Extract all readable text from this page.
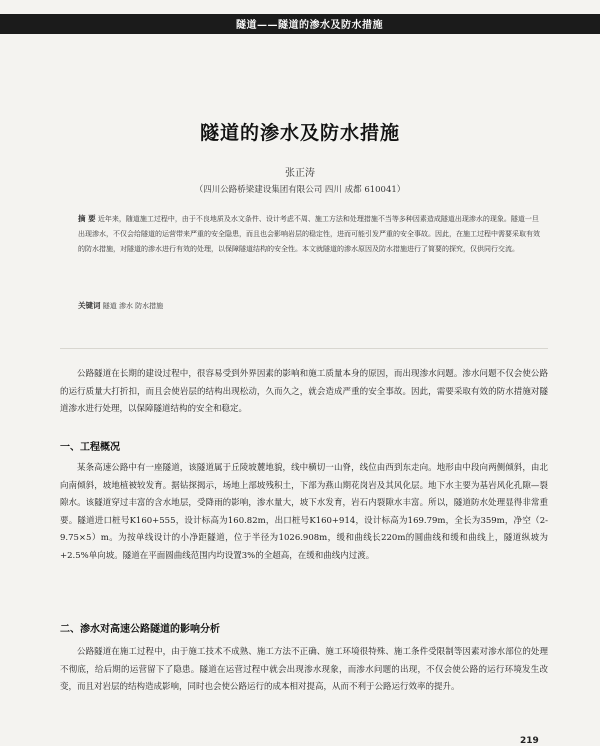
隧道——隧道的渗水及防水措施
隧道的渗水及防水措施
张正涛
（四川公路桥梁建设集团有限公司 四川 成都 610041）

摘 要 近年来，随道施工过程中，由于不良地质及水文条件、设计考虑不周、施工方法和处理措施不当等多种因素造成隧道出现渗水的现象。隧道一旦出现渗水，不仅会给隧道的运营带来严重的安全隐患，而且也会影响岩层的稳定性，进而可能引发严重的安全事故。因此，在施工过程中需要采取有效的防水措施，对隧道的渗水进行有效的处理，以保障隧道结构的安全性。本文就隧道的渗水原因及防水措施进行了简要的探究，仅供同行交流。

关键词 隧道 渗水 防水措施

公路隧道在长期的建设过程中，很容易受到外界因素的影响和施工质量本身的原因，而出现渗水问题。渗水问题不仅会使公路的运行质量大打折扣，而且会使岩层的结构出现松动，久而久之，就会造成严重的安全事故。因此，需要采取有效的防水措施对隧道渗水进行处理，以保障隧道结构的安全和稳定。

一、工程概况

某条高速公路中有一座隧道，该隧道属于丘陵坡麓地貌，线中横切一山脊，线位由西到东走向。地形由中段向两侧倾斜，由北向南倾斜，坡地植被较发育。据钻探揭示，场地上部坡残积土，下部为燕山期花岗岩及其风化层。地下水主要为基岩风化孔隙—裂隙水。该隧道穿过丰富的含水地层，受降雨的影响，渗水量大，坡下水发育，岩石内裂隙水丰富。所以，隧道防水处理显得非常重要。隧道进口桩号K160+555，设计标高为160.82m，出口桩号K160+914，设计标高为169.79m，全长为359m，净空（2-9.75×5）m。为按单线设计的小净距隧道，位于半径为1026.908m，缓和曲线长220m的圆曲线和缓和曲线上，隧道纵坡为+2.5%单向坡。隧道在平面圆曲线范围内均设置3%的全超高，在缓和曲线内过渡。

二、渗水对高速公路隧道的影响分析

公路隧道在施工过程中，由于施工技术不成熟、施工方法不正确、施工环境很特殊、施工条件受限制等因素对渗水部位的处理不彻底，给后期的运营留下了隐患。隧道在运营过程中就会出现渗水现象，而渗水问题的出现，不仅会使公路的运行环境发生改变，而且对岩层的结构造成影响，同时也会使公路运行的成本相对提高，从而不利于公路运行效率的提升。

219
